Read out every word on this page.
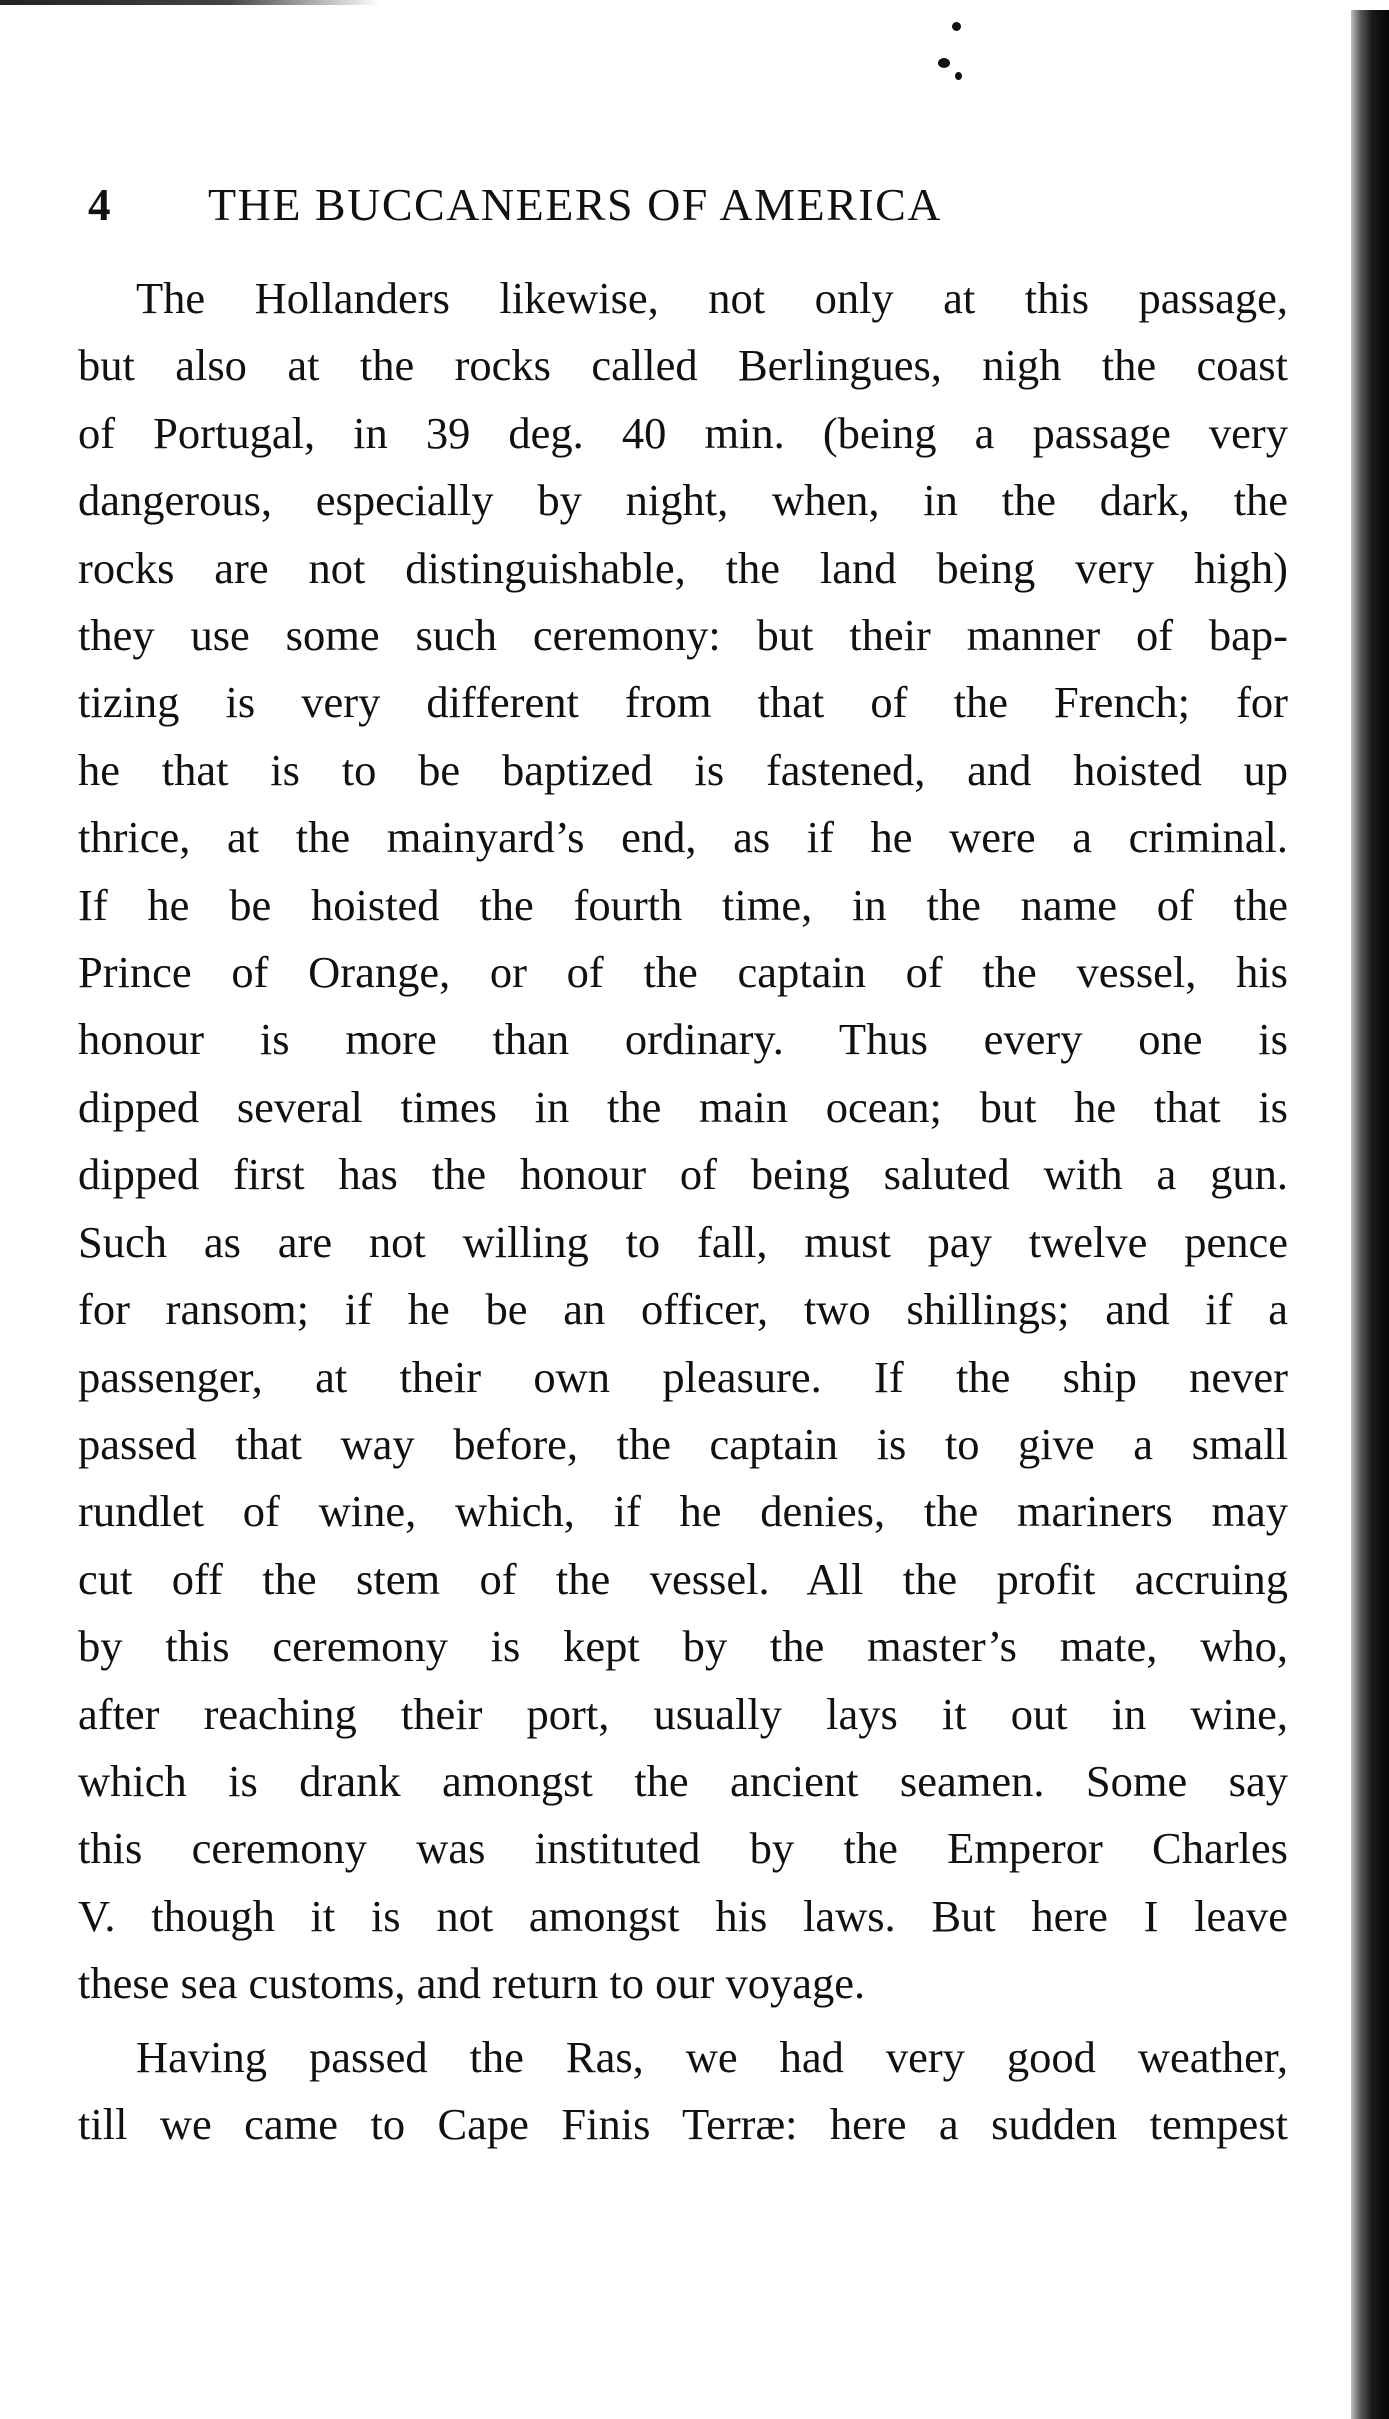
4 THE BUCCANEERS OF AMERICA
The Hollanders likewise, not only at this passage,
but also at the rocks called Berlingues, nigh the coast
of Portugal, in 39 deg. 40 min. (being a passage very
dangerous, especially by night, when, in the dark, the
rocks are not distinguishable, the land being very high)
they use some such ceremony: but their manner of bap-
tizing is very different from that of the French; for
he that is to be baptized is fastened, and hoisted up
thrice, at the mainyard’s end, as if he were a criminal.
If he be hoisted the fourth time, in the name of the
Prince of Orange, or of the captain of the vessel, his
honour is more than ordinary. Thus every one is
dipped several times in the main ocean; but he that is
dipped first has the honour of being saluted with a gun.
Such as are not willing to fall, must pay twelve pence
for ransom; if he be an officer, two shillings; and if a
passenger, at their own pleasure. If the ship never
passed that way before, the captain is to give a small
rundlet of wine, which, if he denies, the mariners may
cut off the stem of the vessel. All the profit accruing
by this ceremony is kept by the master’s mate, who,
after reaching their port, usually lays it out in wine,
which is drank amongst the ancient seamen. Some say
this ceremony was instituted by the Emperor Charles
V. though it is not amongst his laws. But here I leave
these sea customs, and return to our voyage.
Having passed the Ras, we had very good weather,
till we came to Cape Finis Terræ: here a sudden tempest
